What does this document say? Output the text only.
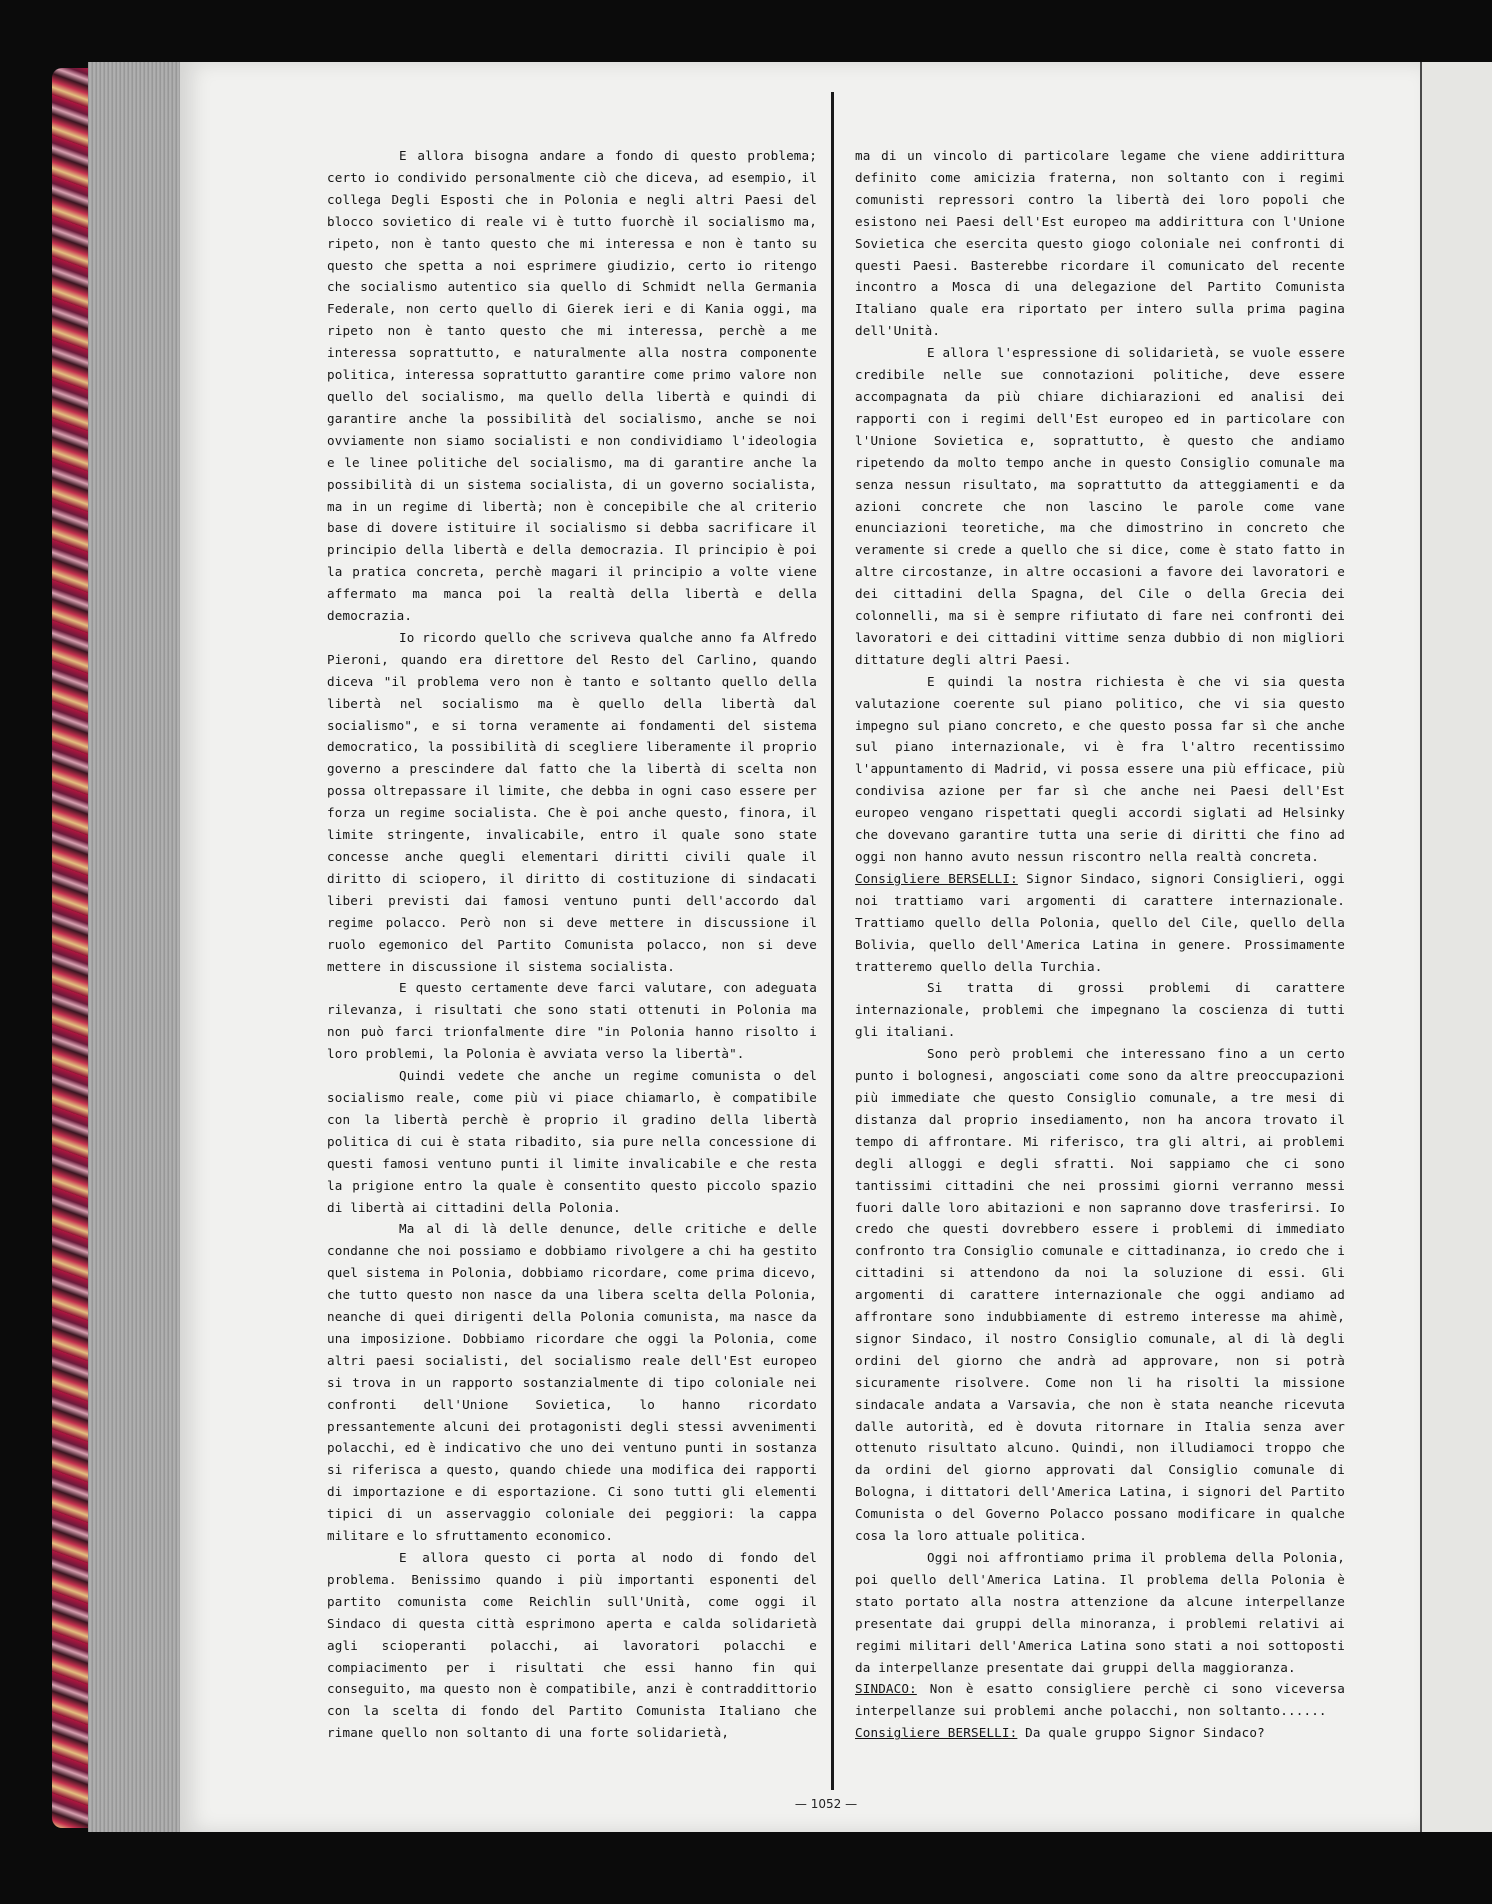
E allora bisogna andare a fondo di questo problema; certo io condivido personalmente ciò che diceva, ad esempio, il collega Degli Esposti che in Polonia e negli altri Paesi del blocco sovietico di reale vi è tutto fuorchè il socialismo ma, ripeto, non è tanto questo che mi interessa e non è tanto su questo che spetta a noi esprimere giudizio, certo io ritengo che socialismo autentico sia quello di Schmidt nella Germania Federale, non certo quello di Gierek ieri e di Kania oggi, ma ripeto non è tanto questo che mi interessa, perchè a me interessa soprattutto, e naturalmente alla nostra componente politica, interessa soprattutto garantire come primo valore non quello del socialismo, ma quello della libertà e quindi di garantire anche la possibilità del socialismo, anche se noi ovviamente non siamo socialisti e non condividiamo l'ideologia e le linee politiche del socialismo, ma di garantire anche la possibilità di un sistema socialista, di un governo socialista, ma in un regime di libertà; non è concepibile che al criterio base di dovere istituire il socialismo si debba sacrificare il principio della libertà e della democrazia. Il principio è poi la pratica concreta, perchè magari il principio a volte viene affermato ma manca poi la realtà della libertà e della democrazia.

Io ricordo quello che scriveva qualche anno fa Alfredo Pieroni, quando era direttore del Resto del Carlino, quando diceva "il problema vero non è tanto e soltanto quello della libertà nel socialismo ma è quello della libertà dal socialismo", e si torna veramente ai fondamenti del sistema democratico, la possibilità di scegliere liberamente il proprio governo a prescindere dal fatto che la libertà di scelta non possa oltrepassare il limite, che debba in ogni caso essere per forza un regime socialista. Che è poi anche questo, finora, il limite stringente, invalicabile, entro il quale sono state concesse anche quegli elementari diritti civili quale il diritto di sciopero, il diritto di costituzione di sindacati liberi previsti dai famosi ventuno punti dell'accordo dal regime polacco. Però non si deve mettere in discussione il ruolo egemonico del Partito Comunista polacco, non si deve mettere in discussione il sistema socialista.

E questo certamente deve farci valutare, con adeguata rilevanza, i risultati che sono stati ottenuti in Polonia ma non può farci trionfalmente dire "in Polonia hanno risolto i loro problemi, la Polonia è avviata verso la libertà".

Quindi vedete che anche un regime comunista o del socialismo reale, come più vi piace chiamarlo, è compatibile con la libertà perchè è proprio il gradino della libertà politica di cui è stata ribadito, sia pure nella concessione di questi famosi ventuno punti il limite invalicabile e che resta la prigione entro la quale è consentito questo piccolo spazio di libertà ai cittadini della Polonia.

Ma al di là delle denunce, delle critiche e delle condanne che noi possiamo e dobbiamo rivolgere a chi ha gestito quel sistema in Polonia, dobbiamo ricordare, come prima dicevo, che tutto questo non nasce da una libera scelta della Polonia, neanche di quei dirigenti della Polonia comunista, ma nasce da una imposizione. Dobbiamo ricordare che oggi la Polonia, come altri paesi socialisti, del socialismo reale dell'Est europeo si trova in un rapporto sostanzialmente di tipo coloniale nei confronti dell'Unione Sovietica, lo hanno ricordato pressantemente alcuni dei protagonisti degli stessi avvenimenti polacchi, ed è indicativo che uno dei ventuno punti in sostanza si riferisca a questo, quando chiede una modifica dei rapporti di importazione e di esportazione. Ci sono tutti gli elementi tipici di un asservaggio coloniale dei peggiori: la cappa militare e lo sfruttamento economico.

E allora questo ci porta al nodo di fondo del problema. Benissimo quando i più importanti esponenti del partito comunista come Reichlin sull'Unità, come oggi il Sindaco di questa città esprimono aperta e calda solidarietà agli scioperanti polacchi, ai lavoratori polacchi e compiacimento per i risultati che essi hanno fin qui conseguito, ma questo non è compatibile, anzi è contraddittorio con la scelta di fondo del Partito Comunista Italiano che rimane quello non soltanto di una forte solidarietà,

ma di un vincolo di particolare legame che viene addirittura definito come amicizia fraterna, non soltanto con i regimi comunisti repressori contro la libertà dei loro popoli che esistono nei Paesi dell'Est europeo ma addirittura con l'Unione Sovietica che esercita questo giogo coloniale nei confronti di questi Paesi. Basterebbe ricordare il comunicato del recente incontro a Mosca di una delegazione del Partito Comunista Italiano quale era riportato per intero sulla prima pagina dell'Unità.

E allora l'espressione di solidarietà, se vuole essere credibile nelle sue connotazioni politiche, deve essere accompagnata da più chiare dichiarazioni ed analisi dei rapporti con i regimi dell'Est europeo ed in particolare con l'Unione Sovietica e, soprattutto, è questo che andiamo ripetendo da molto tempo anche in questo Consiglio comunale ma senza nessun risultato, ma soprattutto da atteggiamenti e da azioni concrete che non lascino le parole come vane enunciazioni teoretiche, ma che dimostrino in concreto che veramente si crede a quello che si dice, come è stato fatto in altre circostanze, in altre occasioni a favore dei lavoratori e dei cittadini della Spagna, del Cile o della Grecia dei colonnelli, ma si è sempre rifiutato di fare nei confronti dei lavoratori e dei cittadini vittime senza dubbio di non migliori dittature degli altri Paesi.

E quindi la nostra richiesta è che vi sia questa valutazione coerente sul piano politico, che vi sia questo impegno sul piano concreto, e che questo possa far sì che anche sul piano internazionale, vi è fra l'altro recentissimo l'appuntamento di Madrid, vi possa essere una più efficace, più condivisa azione per far sì che anche nei Paesi dell'Est europeo vengano rispettati quegli accordi siglati ad Helsinky che dovevano garantire tutta una serie di diritti che fino ad oggi non hanno avuto nessun riscontro nella realtà concreta.

Consigliere BERSELLI: Signor Sindaco, signori Consiglieri, oggi noi trattiamo vari argomenti di carattere internazionale. Trattiamo quello della Polonia, quello del Cile, quello della Bolivia, quello dell'America Latina in genere. Prossimamente tratteremo quello della Turchia.

Si tratta di grossi problemi di carattere internazionale, problemi che impegnano la coscienza di tutti gli italiani.

Sono però problemi che interessano fino a un certo punto i bolognesi, angosciati come sono da altre preoccupazioni più immediate che questo Consiglio comunale, a tre mesi di distanza dal proprio insediamento, non ha ancora trovato il tempo di affrontare. Mi riferisco, tra gli altri, ai problemi degli alloggi e degli sfratti. Noi sappiamo che ci sono tantissimi cittadini che nei prossimi giorni verranno messi fuori dalle loro abitazioni e non sapranno dove trasferirsi. Io credo che questi dovrebbero essere i problemi di immediato confronto tra Consiglio comunale e cittadinanza, io credo che i cittadini si attendono da noi la soluzione di essi. Gli argomenti di carattere internazionale che oggi andiamo ad affrontare sono indubbiamente di estremo interesse ma ahimè, signor Sindaco, il nostro Consiglio comunale, al di là degli ordini del giorno che andrà ad approvare, non si potrà sicuramente risolvere. Come non li ha risolti la missione sindacale andata a Varsavia, che non è stata neanche ricevuta dalle autorità, ed è dovuta ritornare in Italia senza aver ottenuto risultato alcuno. Quindi, non illudiamoci troppo che da ordini del giorno approvati dal Consiglio comunale di Bologna, i dittatori dell'America Latina, i signori del Partito Comunista o del Governo Polacco possano modificare in qualche cosa la loro attuale politica.

Oggi noi affrontiamo prima il problema della Polonia, poi quello dell'America Latina. Il problema della Polonia è stato portato alla nostra attenzione da alcune interpellanze presentate dai gruppi della minoranza, i problemi relativi ai regimi militari dell'America Latina sono stati a noi sottoposti da interpellanze presentate dai gruppi della maggioranza.

SINDACO: Non è esatto consigliere perchè ci sono viceversa interpellanze sui problemi anche polacchi, non soltanto......

Consigliere BERSELLI: Da quale gruppo Signor Sindaco?

— 1052 —
